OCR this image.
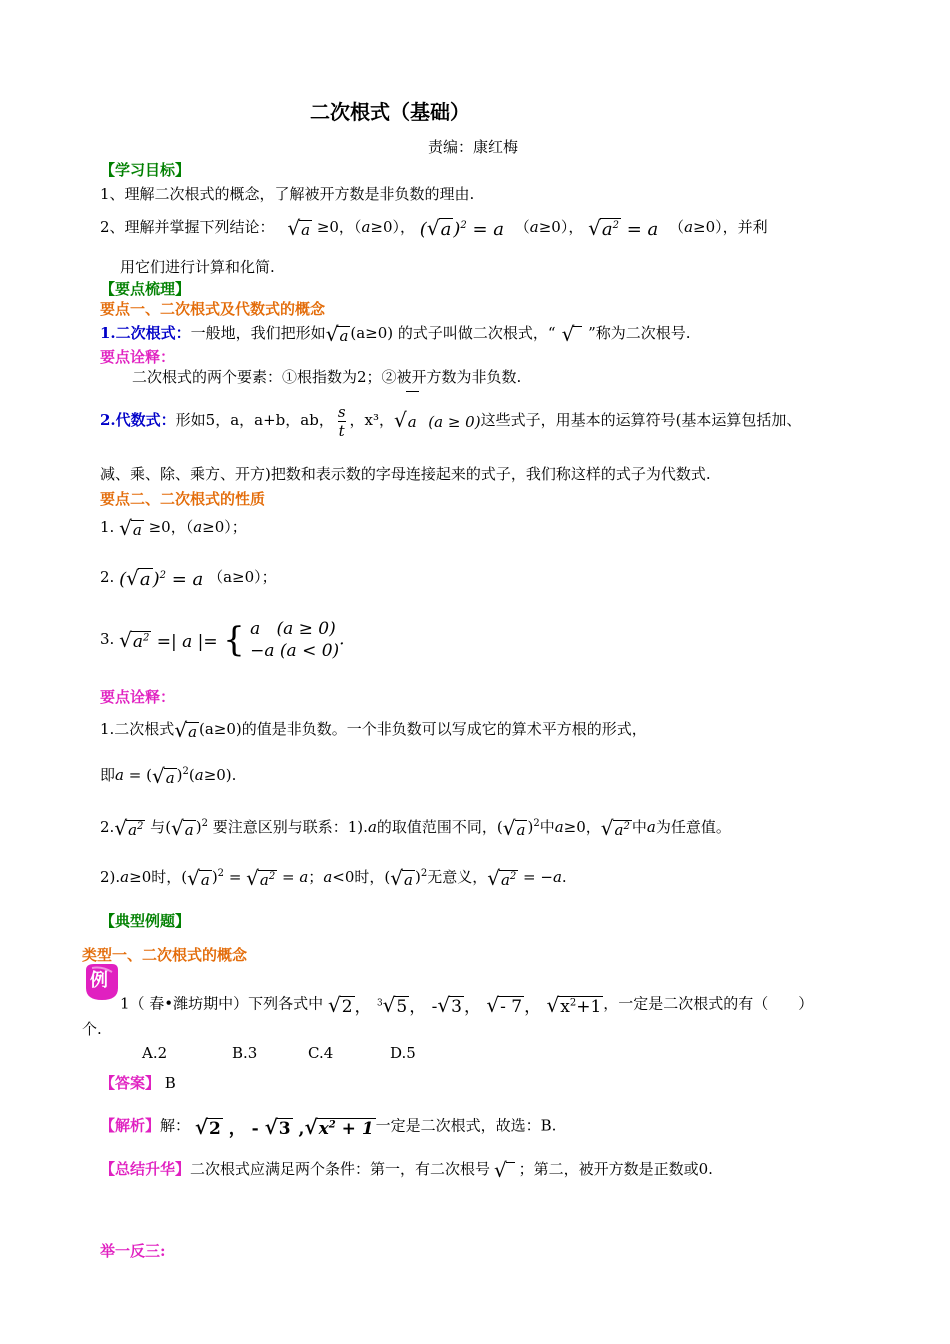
二次根式（基础）
责编：康红梅
【学习目标】
1、理解二次根式的概念，了解被开方数是非负数的理由.
2、理解并掌握下列结论： √a ≥0，（a≥0）， (√a )$^2$ = a （a≥0）， $√a^2 = a$ （a≥0），并利
用它们进行计算和化简.
【要点梳理】
要点一、二次根式及代数式的概念
1.二次根式：一般地，我们把形如√a (a≥0) 的式子叫做二次根式，“ √ ”称为二次根号.
要点诠释：
二次根式的两个要素：①根指数为2；②被开方数为非负数.
2.代数式：形如5，a，a+b，ab， $\frac{s}{t}$ ，x³，√a  (a ≥ 0)这些式子，用基本的运算符号(基本运算包括加、
减、乘、除、乘方、开方)把数和表示数的字母连接起来的式子，我们称这样的式子为代数式.
要点二、二次根式的性质
1. √a ≥0，（a≥0）；
2. (√a )$^2$ = a （a≥0）；
3. $√a^2$ =| a |= { a   (a ≥ 0)
−a (a < 0)
.
要点诠释：
1.二次根式√a (a≥0)的值是非负数。一个非负数可以写成它的算术平方根的形式，
即a = (√a )$^2$(a≥0).
$2.√a^2$ 与(√a )$^2$ 要注意区别与联系：1).a的取值范围不同，(√a )$^2$中a≥0，$√a^2$ 中a为任意值。
2).a≥0时，(√a )$^2 = √a^2 = a$；a<0时，(√a )$^2$无意义，$√a^2 = -a$.
【典型例题】
类型一、二次根式的概念
例
1（ 春•潍坊期中）下列各式中 √2 ， $^3$√5 ， -√3 ， √- 7 ， $√x^2+1$ ，一定是二次根式的有（　　）
个.
A.2	B.3	C.4	D.5
【答案】 B
【解析】解： √2 ， - √3 $,√x^2 + 1$ 一定是二次根式，故选：B.
【总结升华】二次根式应满足两个条件：第一，有二次根号 √ ；第二，被开方数是正数或0.
举一反三:
